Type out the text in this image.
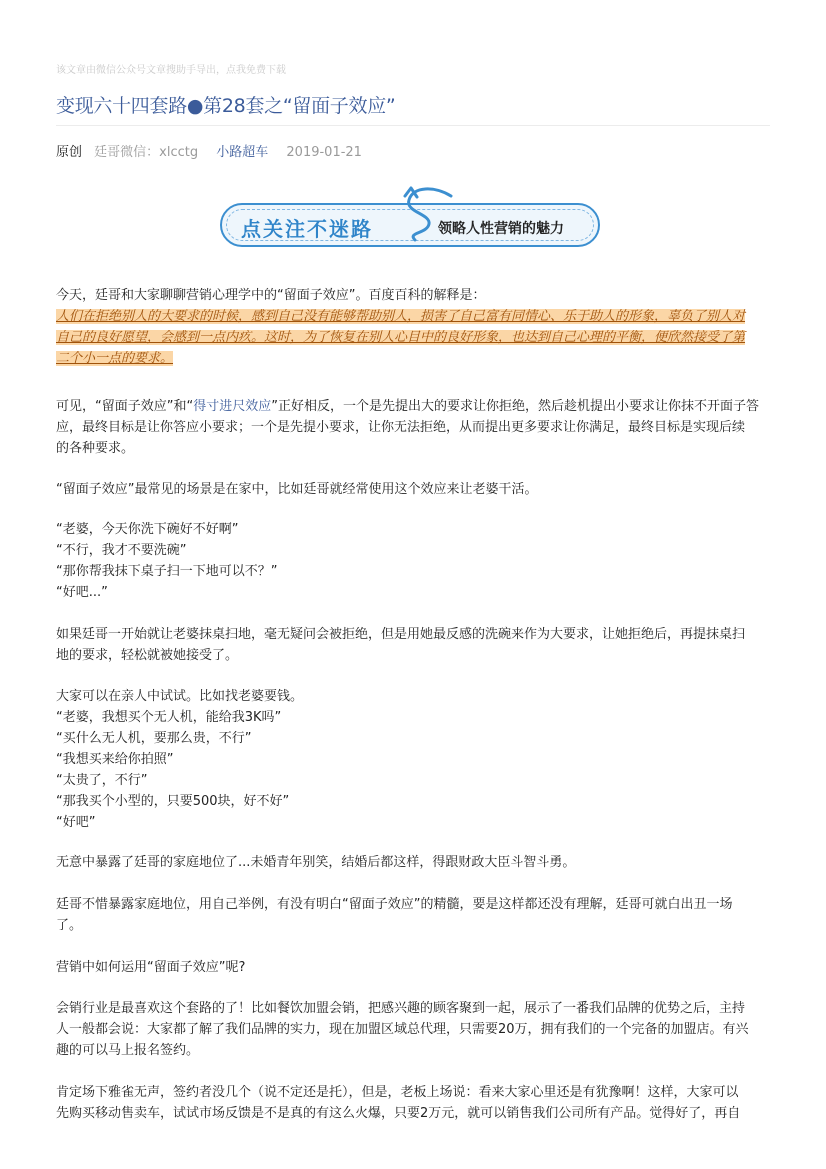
该文章由微信公众号文章搜助手导出，点我免费下载
变现六十四套路●第28套之“留面子效应”
原创 廷哥微信：xlcctg 小路超车 2019-01-21
点关注不迷路	领略人性营销的魅力
今天，廷哥和大家聊聊营销心理学中的“留面子效应”。百度百科的解释是：
人们在拒绝别人的大要求的时候，感到自己没有能够帮助别人，损害了自己富有同情心、乐于助人的形象，辜负了别人对
自己的良好愿望，会感到一点内疚。这时，为了恢复在别人心目中的良好形象，也达到自己心理的平衡，便欣然接受了第
二个小一点的要求。
可见，“留面子效应”和“得寸进尺效应”正好相反，一个是先提出大的要求让你拒绝，然后趁机提出小要求让你抹不开面子答
应，最终目标是让你答应小要求；一个是先提小要求，让你无法拒绝，从而提出更多要求让你满足，最终目标是实现后续
的各种要求。
“留面子效应”最常见的场景是在家中，比如廷哥就经常使用这个效应来让老婆干活。
“老婆，今天你洗下碗好不好啊”
“不行，我才不要洗碗”
“那你帮我抹下桌子扫一下地可以不？”
“好吧...”
如果廷哥一开始就让老婆抹桌扫地，毫无疑问会被拒绝，但是用她最反感的洗碗来作为大要求，让她拒绝后，再提抹桌扫
地的要求，轻松就被她接受了。
大家可以在亲人中试试。比如找老婆要钱。
“老婆，我想买个无人机，能给我3K吗”
“买什么无人机，要那么贵，不行”
“我想买来给你拍照”
“太贵了，不行”
“那我买个小型的，只要500块，好不好”
“好吧”
无意中暴露了廷哥的家庭地位了...未婚青年别笑，结婚后都这样，得跟财政大臣斗智斗勇。
廷哥不惜暴露家庭地位，用自己举例，有没有明白“留面子效应”的精髓，要是这样都还没有理解，廷哥可就白出丑一场
了。
营销中如何运用“留面子效应”呢?
会销行业是最喜欢这个套路的了！比如餐饮加盟会销，把感兴趣的顾客聚到一起，展示了一番我们品牌的优势之后，主持
人一般都会说：大家都了解了我们品牌的实力，现在加盟区域总代理，只需要20万，拥有我们的一个完备的加盟店。有兴
趣的可以马上报名签约。
肯定场下雅雀无声，签约者没几个（说不定还是托），但是，老板上场说：看来大家心里还是有犹豫啊！这样，大家可以
先购买移动售卖车，试试市场反馈是不是真的有这么火爆，只要2万元，就可以销售我们公司所有产品。觉得好了，再自
